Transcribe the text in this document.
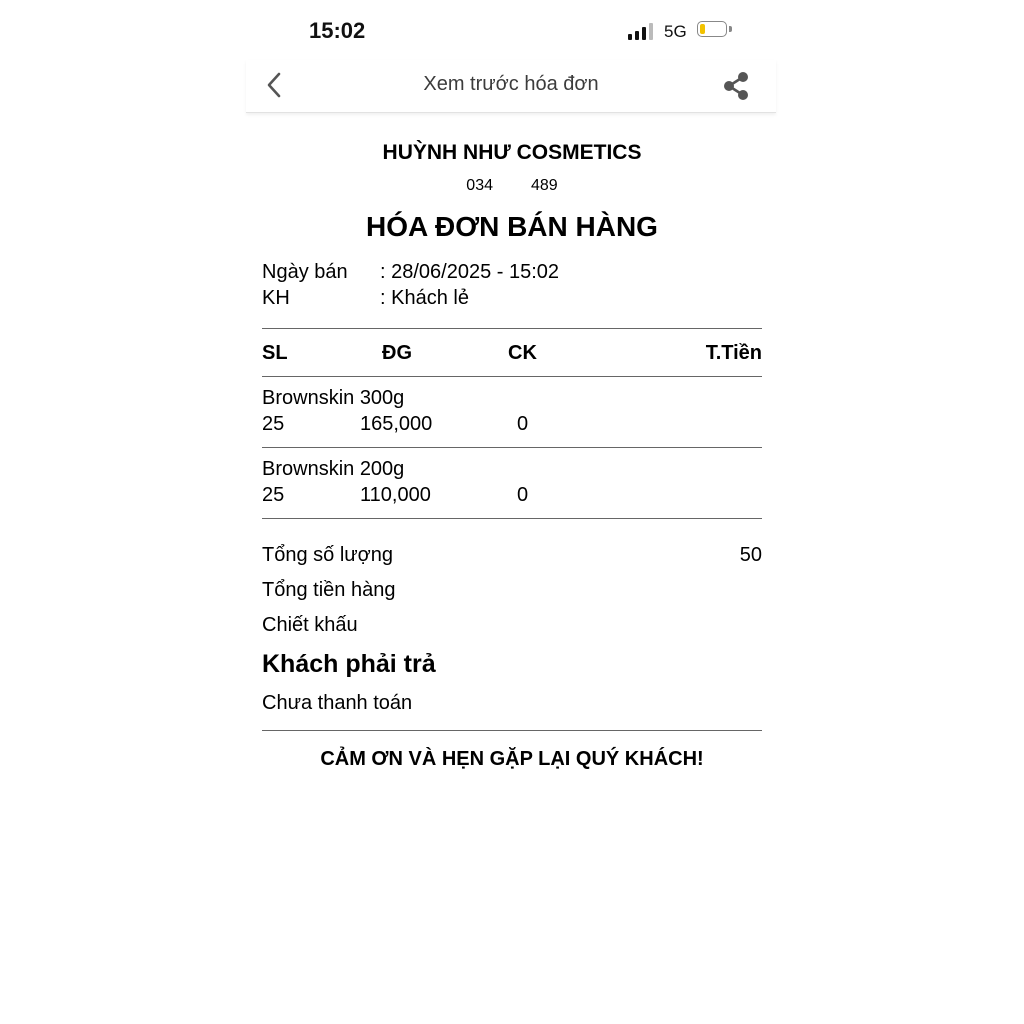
15:02	5G
Xem trước hóa đơn
HUỲNH NHƯ COSMETICS
034 489
HÓA ĐƠN BÁN HÀNG
Ngày bán : 28/06/2025 - 15:02
KH	: Khách lẻ
SL	ĐG	CK	T.Tiền
Brownskin 300g
25	165,000	0
Brownskin 200g
25	110,000	0
Tổng số lượng	50
Tổng tiền hàng
Chiết khấu
Khách phải trả
Chưa thanh toán
CẢM ƠN VÀ HẸN GẶP LẠI QUÝ KHÁCH!
